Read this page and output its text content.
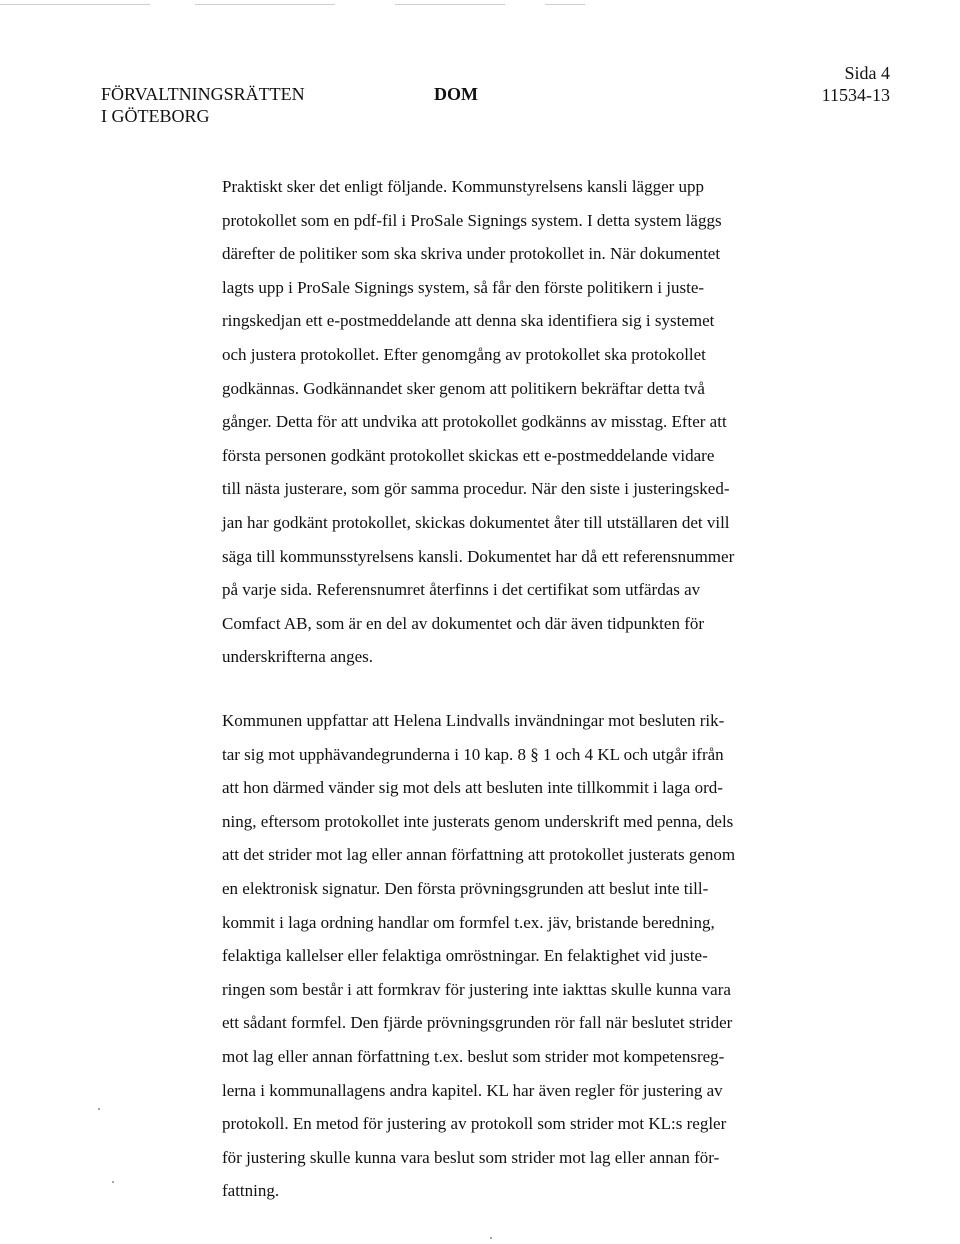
FÖRVALTNINGSRÄTTEN
I GÖTEBORG
DOM
Sida 4
11534-13
Praktiskt sker det enligt följande. Kommunstyrelsens kansli lägger upp
protokollet som en pdf-fil i ProSale Signings system. I detta system läggs
därefter de politiker som ska skriva under protokollet in. När dokumentet
lagts upp i ProSale Signings system, så får den förste politikern i juste-
ringskedjan ett e-postmeddelande att denna ska identifiera sig i systemet
och justera protokollet. Efter genomgång av protokollet ska protokollet
godkännas. Godkännandet sker genom att politikern bekräftar detta två
gånger. Detta för att undvika att protokollet godkänns av misstag. Efter att
första personen godkänt protokollet skickas ett e-postmeddelande vidare
till nästa justerare, som gör samma procedur. När den siste i justeringsked-
jan har godkänt protokollet, skickas dokumentet åter till utställaren det vill
säga till kommunsstyrelsens kansli. Dokumentet har då ett referensnummer
på varje sida. Referensnumret återfinns i det certifikat som utfärdas av
Comfact AB, som är en del av dokumentet och där även tidpunkten för
underskrifterna anges.
Kommunen uppfattar att Helena Lindvalls invändningar mot besluten rik-
tar sig mot upphävandegrunderna i 10 kap. 8 § 1 och 4 KL och utgår ifrån
att hon därmed vänder sig mot dels att besluten inte tillkommit i laga ord-
ning, eftersom protokollet inte justerats genom underskrift med penna, dels
att det strider mot lag eller annan författning att protokollet justerats genom
en elektronisk signatur. Den första prövningsgrunden att beslut inte till-
kommit i laga ordning handlar om formfel t.ex. jäv, bristande beredning,
felaktiga kallelser eller felaktiga omröstningar. En felaktighet vid juste-
ringen som består i att formkrav för justering inte iakttas skulle kunna vara
ett sådant formfel. Den fjärde prövningsgrunden rör fall när beslutet strider
mot lag eller annan författning t.ex. beslut som strider mot kompetensreg-
lerna i kommunallagens andra kapitel. KL har även regler för justering av
protokoll. En metod för justering av protokoll som strider mot KL:s regler
för justering skulle kunna vara beslut som strider mot lag eller annan för-
fattning.
